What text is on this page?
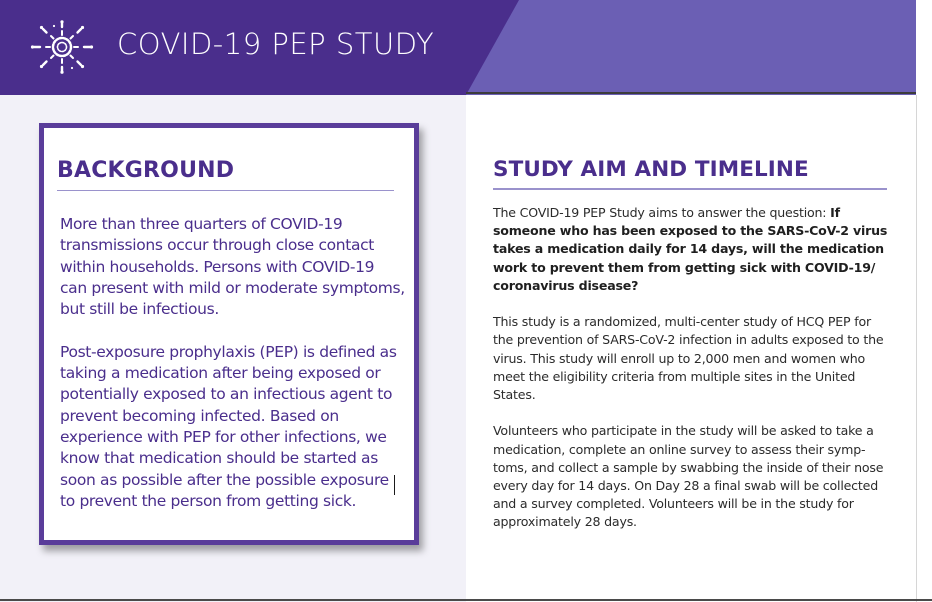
COVID-19 PEP STUDY
BACKGROUND

More than three quarters of COVID-19 transmissions occur through close contact within households. Persons with COVID-19 can present with mild or moderate symptoms, but still be infectious.

Post-exposure prophylaxis (PEP) is defined as taking a medication after being exposed or potentially exposed to an infectious agent to prevent becoming infected. Based on experience with PEP for other infections, we know that medication should be started as soon as possible after the possible exposure to prevent the person from getting sick.

STUDY AIM AND TIMELINE

The COVID-19 PEP Study aims to answer the question: If someone who has been exposed to the SARS-CoV-2 virus takes a medication daily for 14 days, will the medication work to prevent them from getting sick with COVID-19/ coronavirus disease?

This study is a randomized, multi-center study of HCQ PEP for the prevention of SARS-CoV-2 infection in adults exposed to the virus. This study will enroll up to 2,000 men and women who meet the eligibility criteria from multiple sites in the United States.

Volunteers who participate in the study will be asked to take a medication, complete an online survey to assess their symp-toms, and collect a sample by swabbing the inside of their nose every day for 14 days. On Day 28 a final swab will be collected and a survey completed. Volunteers will be in the study for approximately 28 days.
